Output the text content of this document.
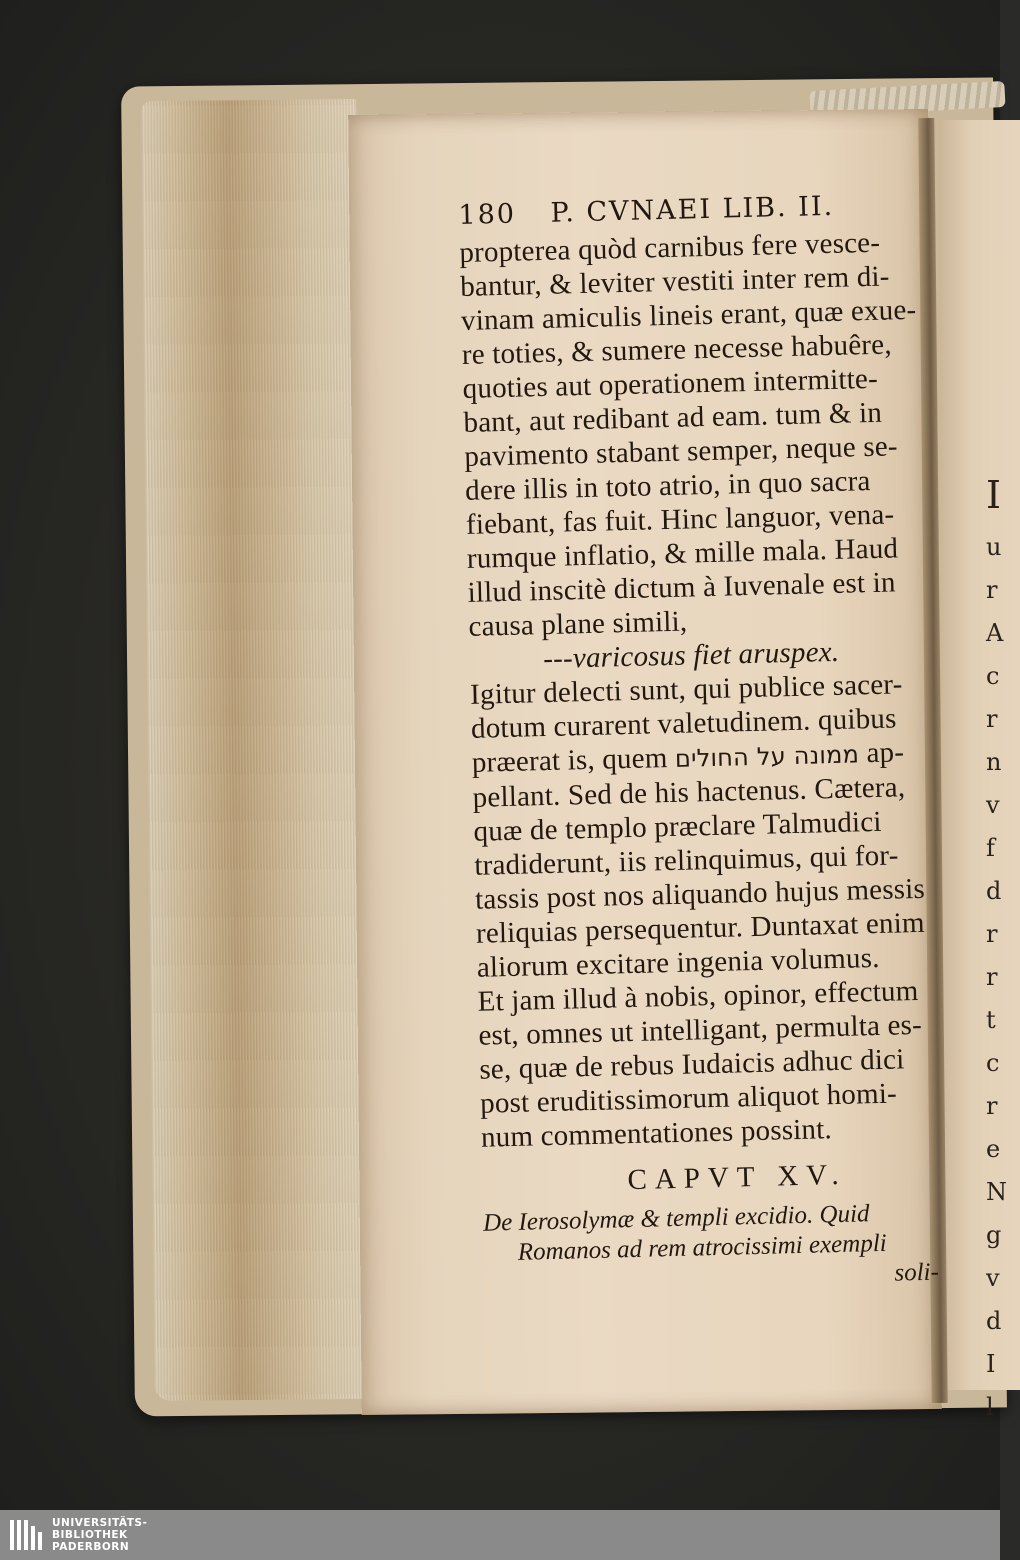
I
u
r
A
c
r
n
v
f
d
r
r
t
c
r
e
N
g
v
d
I
l
180 P. CVNAEI LIB. II.
propterea quòd carnibus fere vesce-
bantur, & leviter vestiti inter rem di-
vinam amiculis lineis erant, quæ exue-
re toties, & sumere necesse habuêre,
quoties aut operationem intermitte-
bant, aut redibant ad eam. tum & in
pavimento stabant semper, neque se-
dere illis in toto atrio, in quo sacra
fiebant, fas fuit. Hinc languor, vena-
rumque inflatio, & mille mala. Haud
illud inscitè dictum à Iuvenale est in
causa plane simili,
---varicosus fiet aruspex.
Igitur delecti sunt, qui publice sacer-
dotum curarent valetudinem. quibus
præerat is, quem ממונה על החולים ap-
pellant. Sed de his hactenus. Cætera,
quæ de templo præclare Talmudici
tradiderunt, iis relinquimus, qui for-
tassis post nos aliquando hujus messis
reliquias persequentur. Duntaxat enim
aliorum excitare ingenia volumus.
Et jam illud à nobis, opinor, effectum
est, omnes ut intelligant, permulta es-
se, quæ de rebus Iudaicis adhuc dici
post eruditissimorum aliquot homi-
num commentationes possint.
CAPVT XV.
De Ierosolymæ & templi excidio. Quid
Romanos ad rem atrocissimi exempli
soli-
UNIVERSITÄTS-
BIBLIOTHEK
PADERBORN
